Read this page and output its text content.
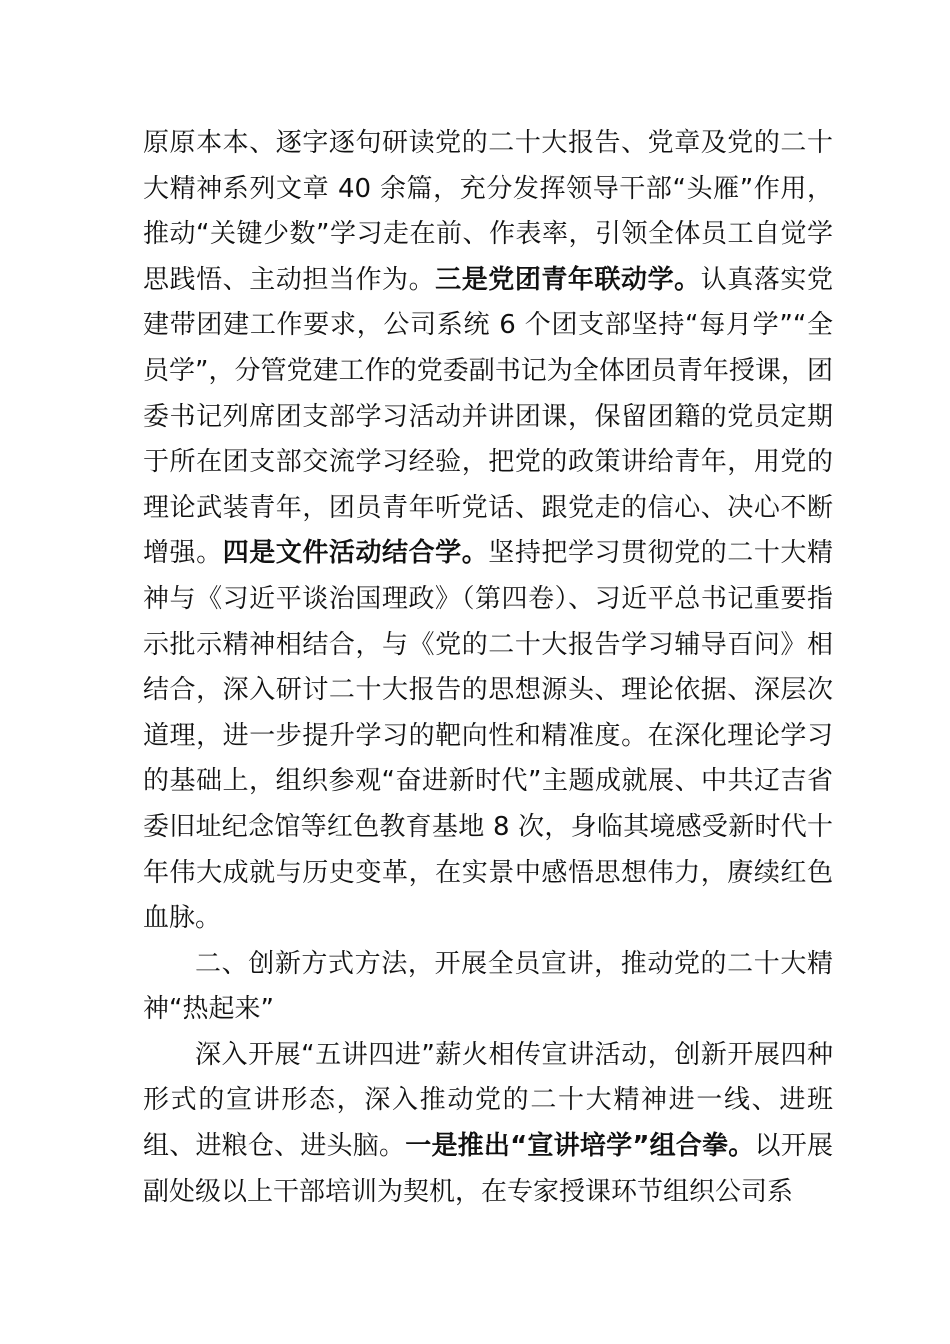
原原本本、逐字逐句研读党的二十大报告、党章及党的二十大精神系列文章 40 余篇，充分发挥领导干部“头雁”作用，推动“关键少数”学习走在前、作表率，引领全体员工自觉学思践悟、主动担当作为。三是党团青年联动学。认真落实党建带团建工作要求，公司系统 6 个团支部坚持“每月学”“全员学”，分管党建工作的党委副书记为全体团员青年授课，团委书记列席团支部学习活动并讲团课，保留团籍的党员定期于所在团支部交流学习经验，把党的政策讲给青年，用党的理论武装青年，团员青年听党话、跟党走的信心、决心不断增强。四是文件活动结合学。坚持把学习贯彻党的二十大精神与《习近平谈治国理政》（第四卷）、习近平总书记重要指示批示精神相结合，与《党的二十大报告学习辅导百问》相结合，深入研讨二十大报告的思想源头、理论依据、深层次道理，进一步提升学习的靶向性和精准度。在深化理论学习的基础上，组织参观“奋进新时代”主题成就展、中共辽吉省委旧址纪念馆等红色教育基地 8 次，身临其境感受新时代十年伟大成就与历史变革，在实景中感悟思想伟力，赓续红色血脉。

二、创新方式方法，开展全员宣讲，推动党的二十大精神“热起来”

深入开展“五讲四进”薪火相传宣讲活动，创新开展四种形式的宣讲形态，深入推动党的二十大精神进一线、进班组、进粮仓、进头脑。一是推出“宣讲培学”组合拳。以开展副处级以上干部培训为契机，在专家授课环节组织公司系
